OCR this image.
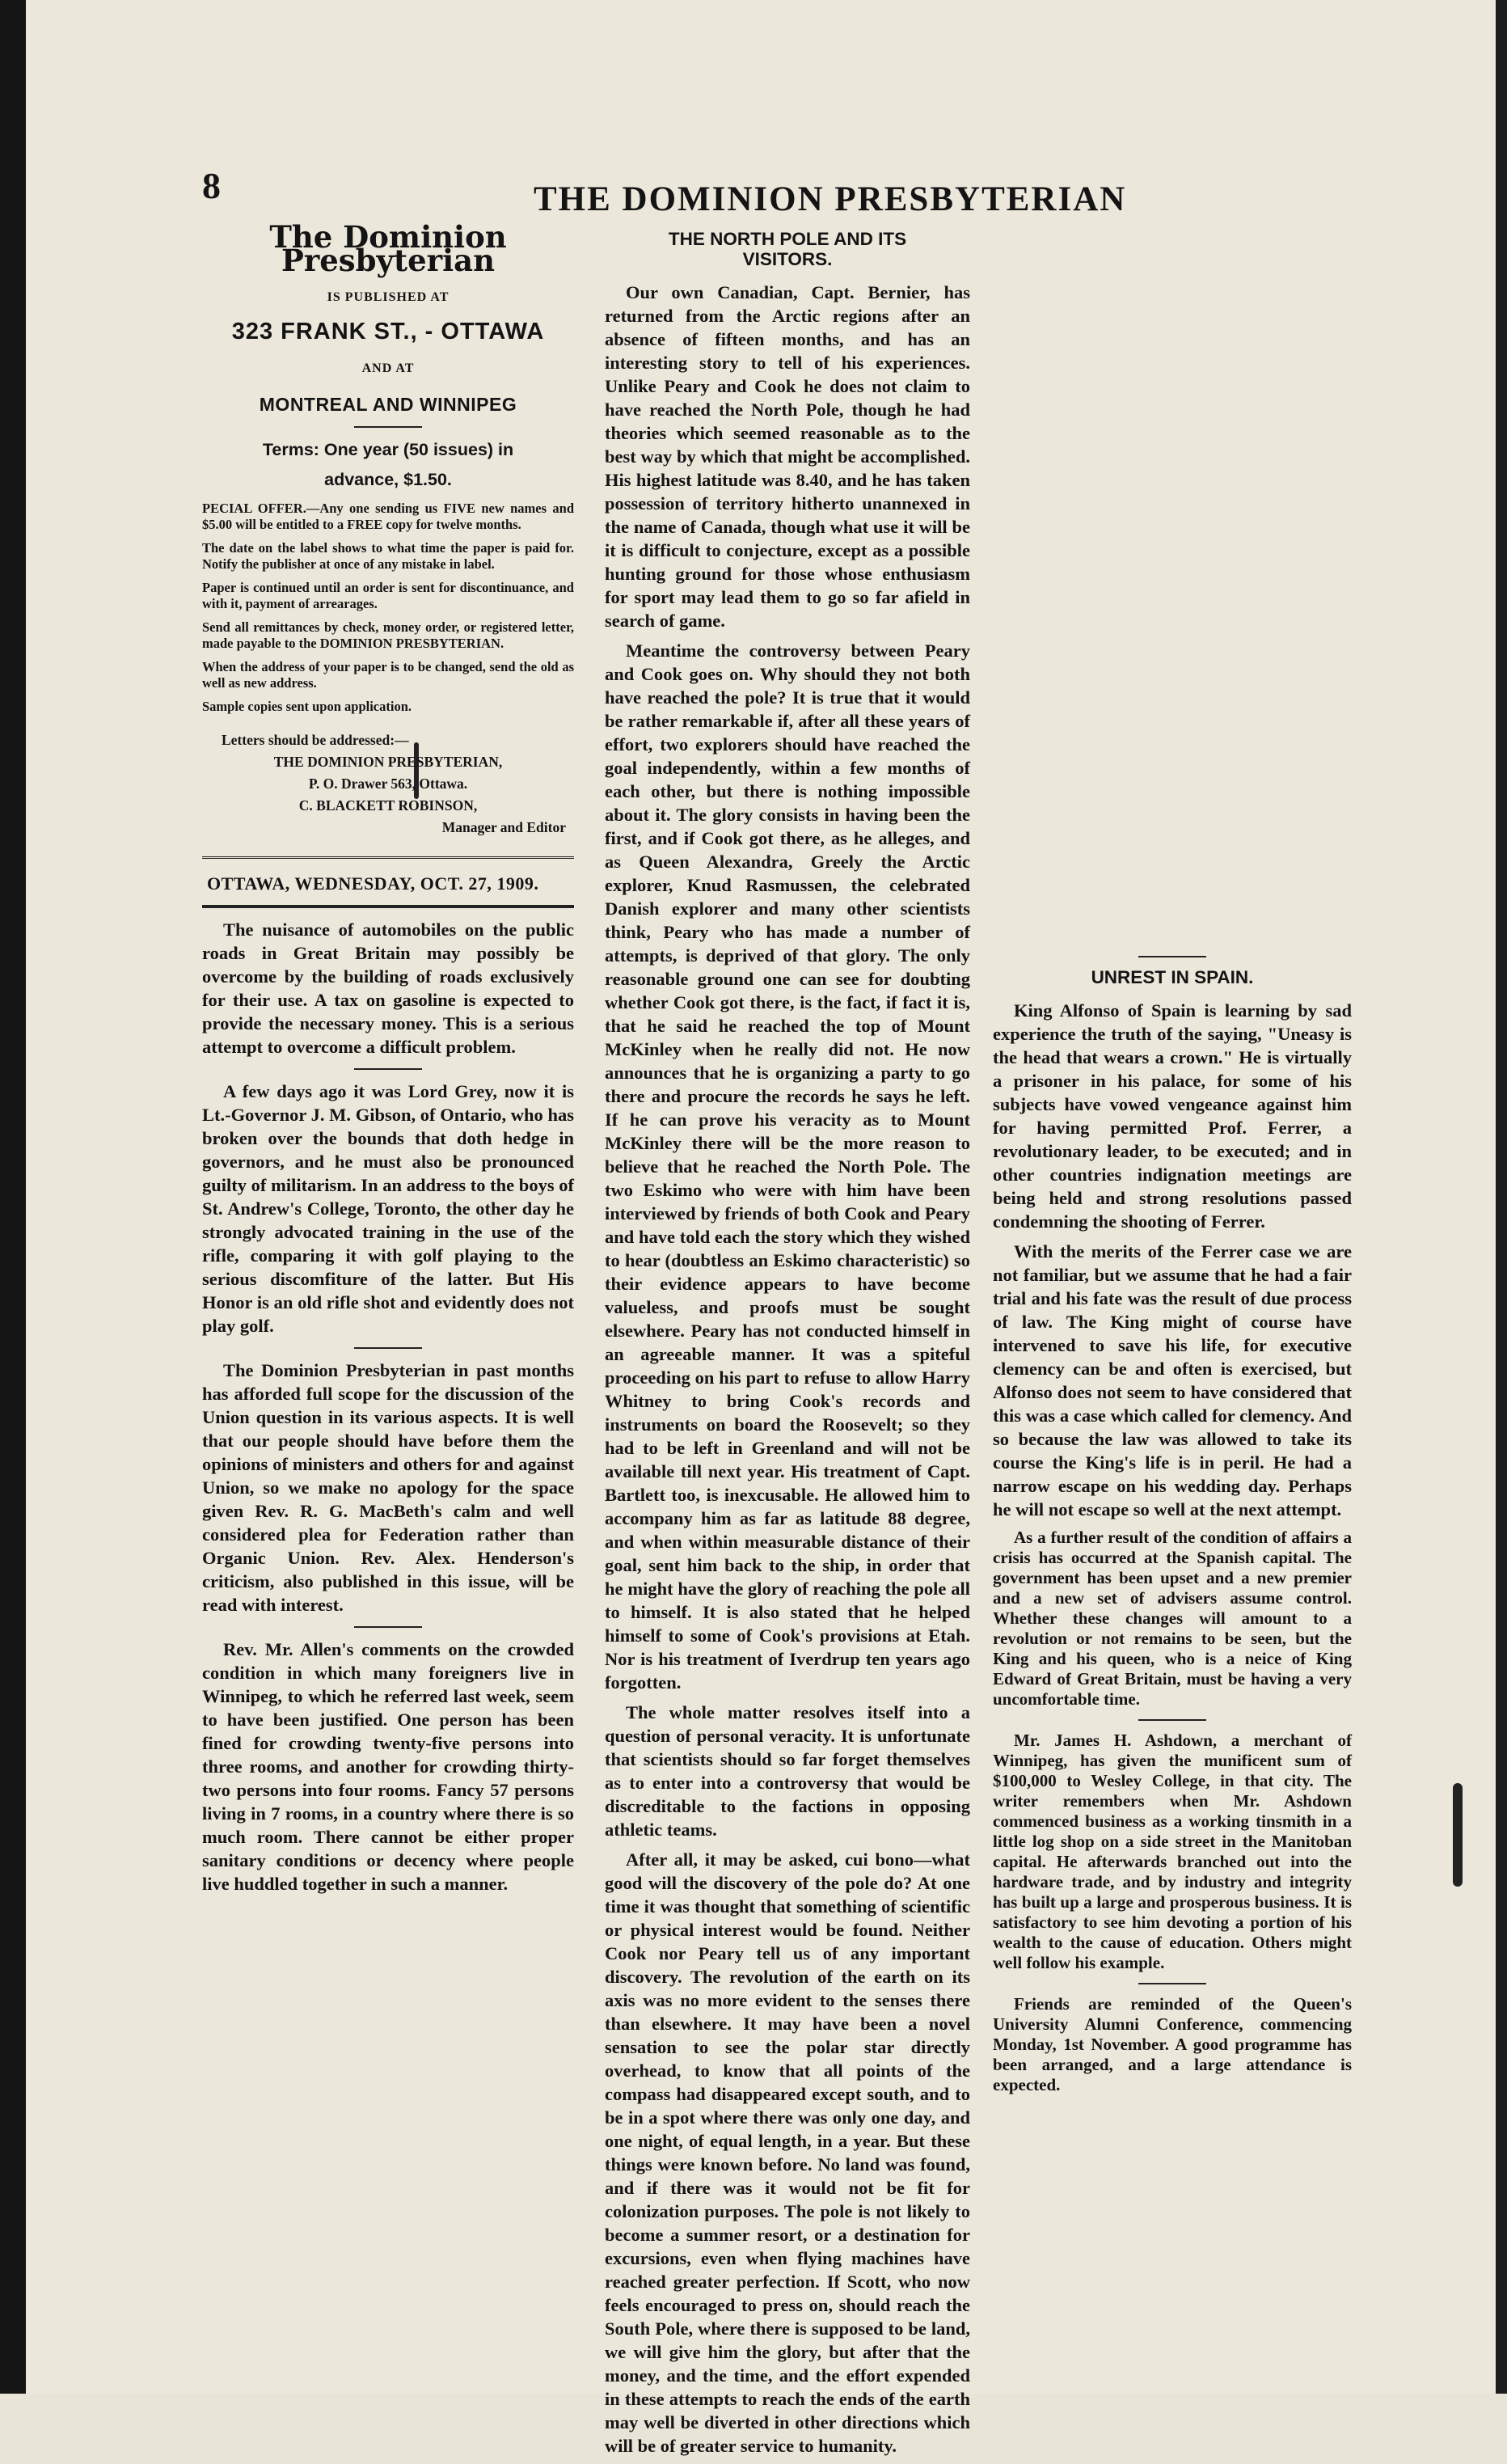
8	THE DOMINION PRESBYTERIAN
The Dominion Presbyterian
IS PUBLISHED AT
323 FRANK ST., - OTTAWA
AND AT
MONTREAL AND WINNIPEG
Terms: One year (50 issues) in
advance, $1.50.
PECIAL OFFER.—Any one sending us FIVE new names and $5.00 will be entitled to a FREE copy for twelve months.
The date on the label shows to what time the paper is paid for. Notify the publisher at once of any mistake in label.
Paper is continued until an order is sent for discontinuance, and with it, payment of arrearages.
Send all remittances by check, money order, or registered letter, made payable to the DOMINION PRESBYTERIAN.
When the address of your paper is to be changed, send the old as well as new address.
Sample copies sent upon application.
Letters should be addressed:—
THE DOMINION PRESBYTERIAN,
P. O. Drawer 563, Ottawa.
C. BLACKETT ROBINSON,
Manager and Editor
OTTAWA, WEDNESDAY, OCT. 27, 1909.

The nuisance of automobiles on the public roads in Great Britain may possibly be overcome by the building of roads exclusively for their use. A tax on gasoline is expected to provide the necessary money. This is a serious attempt to overcome a difficult problem.

A few days ago it was Lord Grey, now it is Lt.-Governor J. M. Gibson, of Ontario, who has broken over the bounds that doth hedge in governors, and he must also be pronounced guilty of militarism. In an address to the boys of St. Andrew's College, Toronto, the other day he strongly advocated training in the use of the rifle, comparing it with golf playing to the serious discomfiture of the latter. But His Honor is an old rifle shot and evidently does not play golf.

The Dominion Presbyterian in past months has afforded full scope for the discussion of the Union question in its various aspects. It is well that our people should have before them the opinions of ministers and others for and against Union, so we make no apology for the space given Rev. R. G. MacBeth's calm and well considered plea for Federation rather than Organic Union. Rev. Alex. Henderson's criticism, also published in this issue, will be read with interest.

Rev. Mr. Allen's comments on the crowded condition in which many foreigners live in Winnipeg, to which he referred last week, seem to have been justified. One person has been fined for crowding twenty-five persons into three rooms, and another for crowding thirty-two persons into four rooms. Fancy 57 persons living in 7 rooms, in a country where there is so much room. There cannot be either proper sanitary conditions or decency where people live huddled together in such a manner.

THE NORTH POLE AND ITS
VISITORS.

Our own Canadian, Capt. Bernier, has returned from the Arctic regions after an absence of fifteen months, and has an interesting story to tell of his experiences. Unlike Peary and Cook he does not claim to have reached the North Pole, though he had theories which seemed reasonable as to the best way by which that might be accomplished. His highest latitude was 8.40, and he has taken possession of territory hitherto unannexed in the name of Canada, though what use it will be it is difficult to conjecture, except as a possible hunting ground for those whose enthusiasm for sport may lead them to go so far afield in search of game.

Meantime the controversy between Peary and Cook goes on. Why should they not both have reached the pole? It is true that it would be rather remarkable if, after all these years of effort, two explorers should have reached the goal independently, within a few months of each other, but there is nothing impossible about it. The glory consists in having been the first, and if Cook got there, as he alleges, and as Queen Alexandra, Greely the Arctic explorer, Knud Rasmussen, the celebrated Danish explorer and many other scientists think, Peary who has made a number of attempts, is deprived of that glory. The only reasonable ground one can see for doubting whether Cook got there, is the fact, if fact it is, that he said he reached the top of Mount McKinley when he really did not. He now announces that he is organizing a party to go there and procure the records he says he left. If he can prove his veracity as to Mount McKinley there will be the more reason to believe that he reached the North Pole. The two Eskimo who were with him have been interviewed by friends of both Cook and Peary and have told each the story which they wished to hear (doubtless an Eskimo characteristic) so their evidence appears to have become valueless, and proofs must be sought elsewhere. Peary has not conducted himself in an agreeable manner. It was a spiteful proceeding on his part to refuse to allow Harry Whitney to bring Cook's records and instruments on board the Roosevelt; so they had to be left in Greenland and will not be available till next year. His treatment of Capt. Bartlett too, is inexcusable. He allowed him to accompany him as far as latitude 88 degree, and when within measurable distance of their goal, sent him back to the ship, in order that he might have the glory of reaching the pole all to himself. It is also stated that he helped himself to some of Cook's provisions at Etah. Nor is his treatment of Iverdrup ten years ago forgotten.

The whole matter resolves itself into a question of personal veracity. It is unfortunate that scientists should so far forget themselves as to enter into a controversy that would be discreditable to the factions in opposing athletic teams.

After all, it may be asked, cui bono—what good will the discovery of the pole do? At one time it was thought that something of scientific or physical interest would be found. Neither Cook nor Peary tell us of any important discovery. The revolution of the earth on its axis was no more evident to the senses there than elsewhere. It may have been a novel sensation to see the polar star directly overhead, to know that all points of the compass had disappeared except south, and to be in a spot where there was only one day, and one night, of equal length, in a year. But these things were known before. No land was found, and if there was it would not be fit for colonization purposes. The pole is not likely to become a summer resort, or a destination for excursions, even when flying machines have reached greater perfection. If Scott, who now feels encouraged to press on, should reach the South Pole, where there is supposed to be land, we will give him the glory, but after that the money, and the time, and the effort expended in these attempts to reach the ends of the earth may well be diverted in other directions which will be of greater service to humanity.

UNREST IN SPAIN.

King Alfonso of Spain is learning by sad experience the truth of the saying, "Uneasy is the head that wears a crown." He is virtually a prisoner in his palace, for some of his subjects have vowed vengeance against him for having permitted Prof. Ferrer, a revolutionary leader, to be executed; and in other countries indignation meetings are being held and strong resolutions passed condemning the shooting of Ferrer.

With the merits of the Ferrer case we are not familiar, but we assume that he had a fair trial and his fate was the result of due process of law. The King might of course have intervened to save his life, for executive clemency can be and often is exercised, but Alfonso does not seem to have considered that this was a case which called for clemency. And so because the law was allowed to take its course the King's life is in peril. He had a narrow escape on his wedding day. Perhaps he will not escape so well at the next attempt.

As a further result of the condition of affairs a crisis has occurred at the Spanish capital. The government has been upset and a new premier and a new set of advisers assume control. Whether these changes will amount to a revolution or not remains to be seen, but the King and his queen, who is a neice of King Edward of Great Britain, must be having a very uncomfortable time.

Mr. James H. Ashdown, a merchant of Winnipeg, has given the munificent sum of $100,000 to Wesley College, in that city. The writer remembers when Mr. Ashdown commenced business as a working tinsmith in a little log shop on a side street in the Manitoban capital. He afterwards branched out into the hardware trade, and by industry and integrity has built up a large and prosperous business. It is satisfactory to see him devoting a portion of his wealth to the cause of education. Others might well follow his example.

Friends are reminded of the Queen's University Alumni Conference, commencing Monday, 1st November. A good programme has been arranged, and a large attendance is expected.
